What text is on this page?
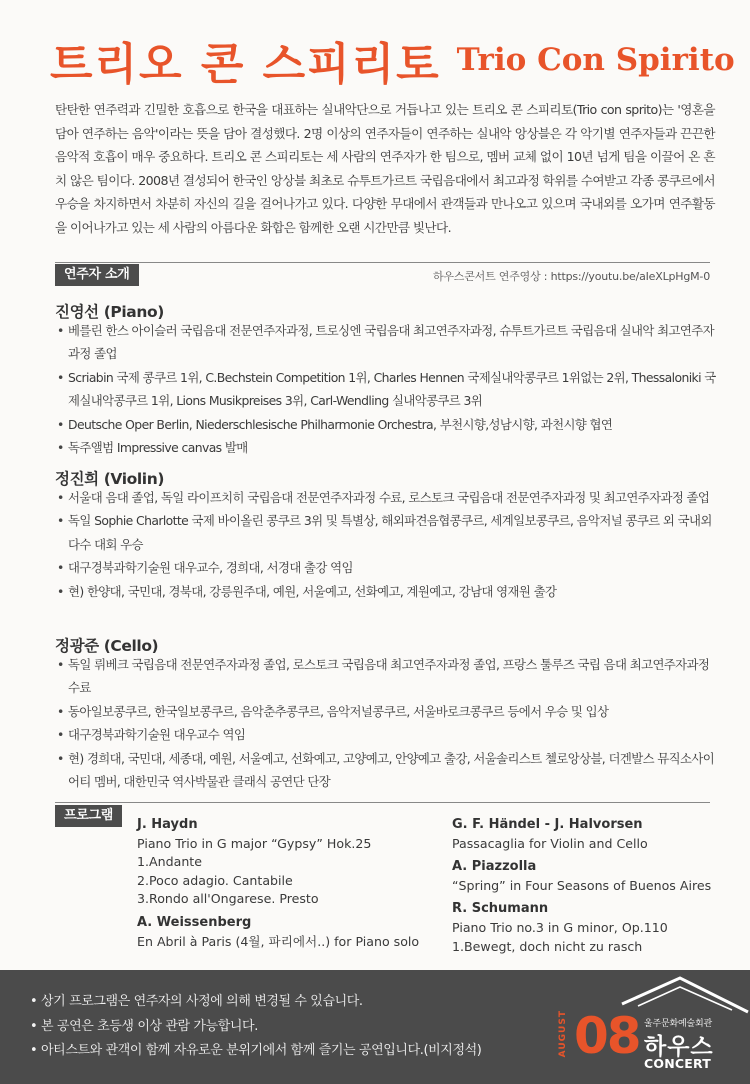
트리오 콘 스피리토 Trio Con Spirito
탄탄한 연주력과 긴밀한 호흡으로 한국을 대표하는 실내악단으로 거듭나고 있는 트리오 콘 스피리토(Trio con sprito)는 '영혼을 담아 연주하는 음악'이라는 뜻을 담아 결성했다. 2명 이상의 연주자들이 연주하는 실내악 앙상블은 각 악기별 연주자들과 끈끈한 음악적 호흡이 매우 중요하다. 트리오 콘 스피리토는 세 사람의 연주자가 한 팀으로, 멤버 교체 없이 10년 넘게 팀을 이끌어 온 흔치 않은 팀이다. 2008년 결성되어 한국인 앙상블 최초로 슈투트가르트 국립음대에서 최고과정 학위를 수여받고 각종 콩쿠르에서 우승을 차지하면서 차분히 자신의 길을 걸어나가고 있다. 다양한 무대에서 관객들과 만나오고 있으며 국내외를 오가며 연주활동을 이어나가고 있는 세 사람의 아름다운 화합은 함께한 오랜 시간만큼 빛난다.
연주자 소개	하우스콘서트 연주영상 : https://youtu.be/aIeXLpHgM-0
진영선 (Piano)
• 베를린 한스 아이슬러 국립음대 전문연주자과정, 트로싱엔 국립음대 최고연주자과정, 슈투트가르트 국립음대 실내악 최고연주자과정 졸업
• Scriabin 국제 콩쿠르 1위, C.Bechstein Competition 1위, Charles Hennen 국제실내악콩쿠르 1위없는 2위, Thessaloniki 국제실내악콩쿠르 1위, Lions Musikpreises 3위, Carl-Wendling 실내악콩쿠르 3위
• Deutsche Oper Berlin, Niederschlesische Philharmonie Orchestra, 부천시향,성남시향, 과천시향 협연
• 독주앨범 Impressive canvas 발매
정진희 (Violin)
• 서울대 음대 졸업, 독일 라이프치히 국립음대 전문연주자과정 수료, 로스토크 국립음대 전문연주자과정 및 최고연주자과정 졸업
• 독일 Sophie Charlotte 국제 바이올린 콩쿠르 3위 및 특별상, 해외파견음협콩쿠르, 세계일보콩쿠르, 음악저널 콩쿠르 외 국내외 다수 대회 우승
• 대구경북과학기술원 대우교수, 경희대, 서경대 출강 역임
• 현) 한양대, 국민대, 경북대, 강릉원주대, 예원, 서울예고, 선화예고, 계원예고, 강남대 영재원 출강
정광준 (Cello)
• 독일 뤼베크 국립음대 전문연주자과정 졸업, 로스토크 국립음대 최고연주자과정 졸업, 프랑스 툴루즈 국립 음대 최고연주자과정 수료
• 동아일보콩쿠르, 한국일보콩쿠르, 음악춘추콩쿠르, 음악저널콩쿠르, 서울바로크콩쿠르 등에서 우승 및 입상
• 대구경북과학기술원 대우교수 역임
• 현) 경희대, 국민대, 세종대, 예원, 서울예고, 선화예고, 고양예고, 안양예고 출강, 서울솔리스트 첼로앙상블, 더겐발스 뮤직소사이어티 멤버, 대한민국 역사박물관 클래식 공연단 단장
프로그램
J. Haydn
Piano Trio in G major “Gypsy” Hok.25
1.Andante
2.Poco adagio. Cantabile
3.Rondo all'Ongarese. Presto
A. Weissenberg
En Abril à Paris (4월, 파리에서..) for Piano solo
G. F. Händel - J. Halvorsen
Passacaglia for Violin and Cello
A. Piazzolla
“Spring” in Four Seasons of Buenos Aires
R. Schumann
Piano Trio no.3 in G minor, Op.110
1.Bewegt, doch nicht zu rasch
• 상기 프로그램은 연주자의 사정에 의해 변경될 수 있습니다.
• 본 공연은 초등생 이상 관람 가능합니다.
• 아티스트와 관객이 함께 자유로운 분위기에서 함께 즐기는 공연입니다.(비지정석)	AUGUST 08 울주문화예술회관
하우스
CONCERT
